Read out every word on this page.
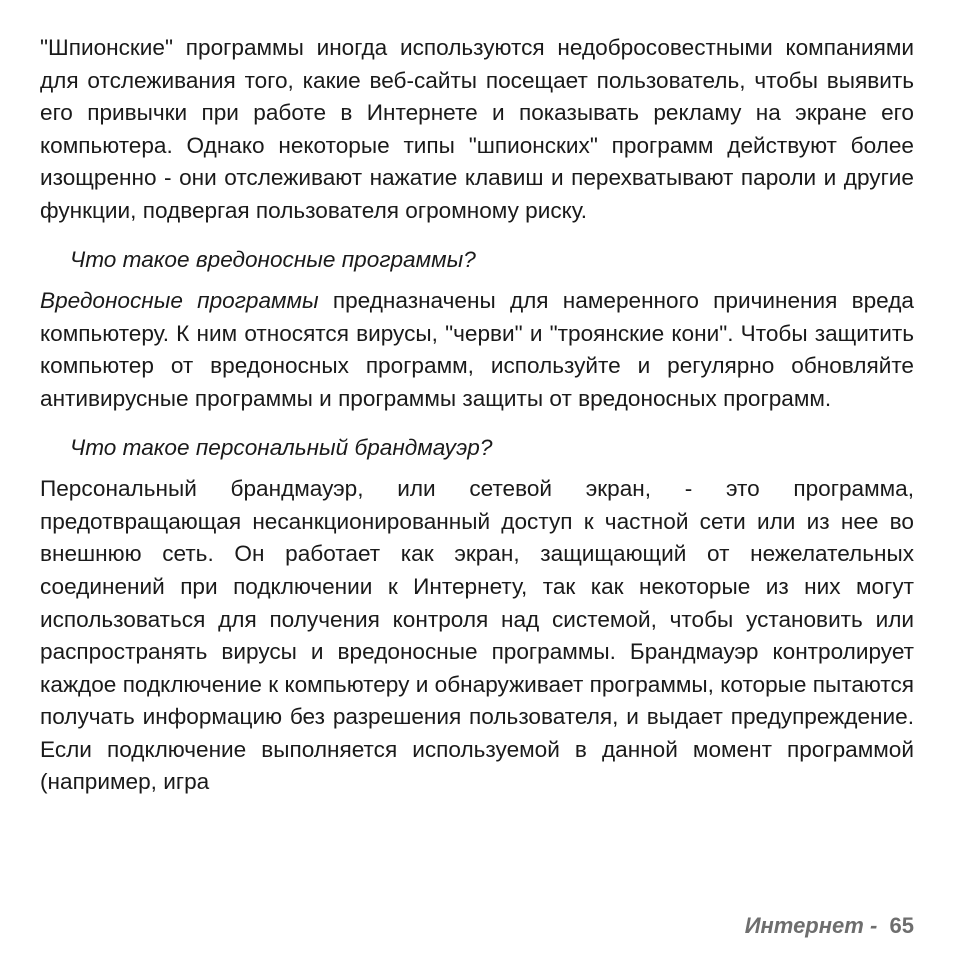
"Шпионские" программы иногда используются недобросовестными компаниями для отслеживания того, какие веб-сайты посещает пользователь, чтобы выявить его привычки при работе в Интернете и показывать рекламу на экране его компьютера. Однако некоторые типы "шпионских" программ действуют более изощренно - они отслеживают нажатие клавиш и перехватывают пароли и другие функции, подвергая пользователя огромному риску.

Что такое вредоносные программы?

Вредоносные программы предназначены для намеренного причинения вреда компьютеру. К ним относятся вирусы, "черви" и "троянские кони". Чтобы защитить компьютер от вредоносных программ, используйте и регулярно обновляйте антивирусные программы и программы защиты от вредоносных программ.

Что такое персональный брандмауэр?

Персональный брандмауэр, или сетевой экран, - это программа, предотвращающая несанкционированный доступ к частной сети или из нее во внешнюю сеть. Он работает как экран, защищающий от нежелательных соединений при подключении к Интернету, так как некоторые из них могут использоваться для получения контроля над системой, чтобы установить или распространять вирусы и вредоносные программы. Брандмауэр контролирует каждое подключение к компьютеру и обнаруживает программы, которые пытаются получать информацию без разрешения пользователя, и выдает предупреждение. Если подключение выполняется используемой в данной момент программой (например, игра

Интернет - 65
